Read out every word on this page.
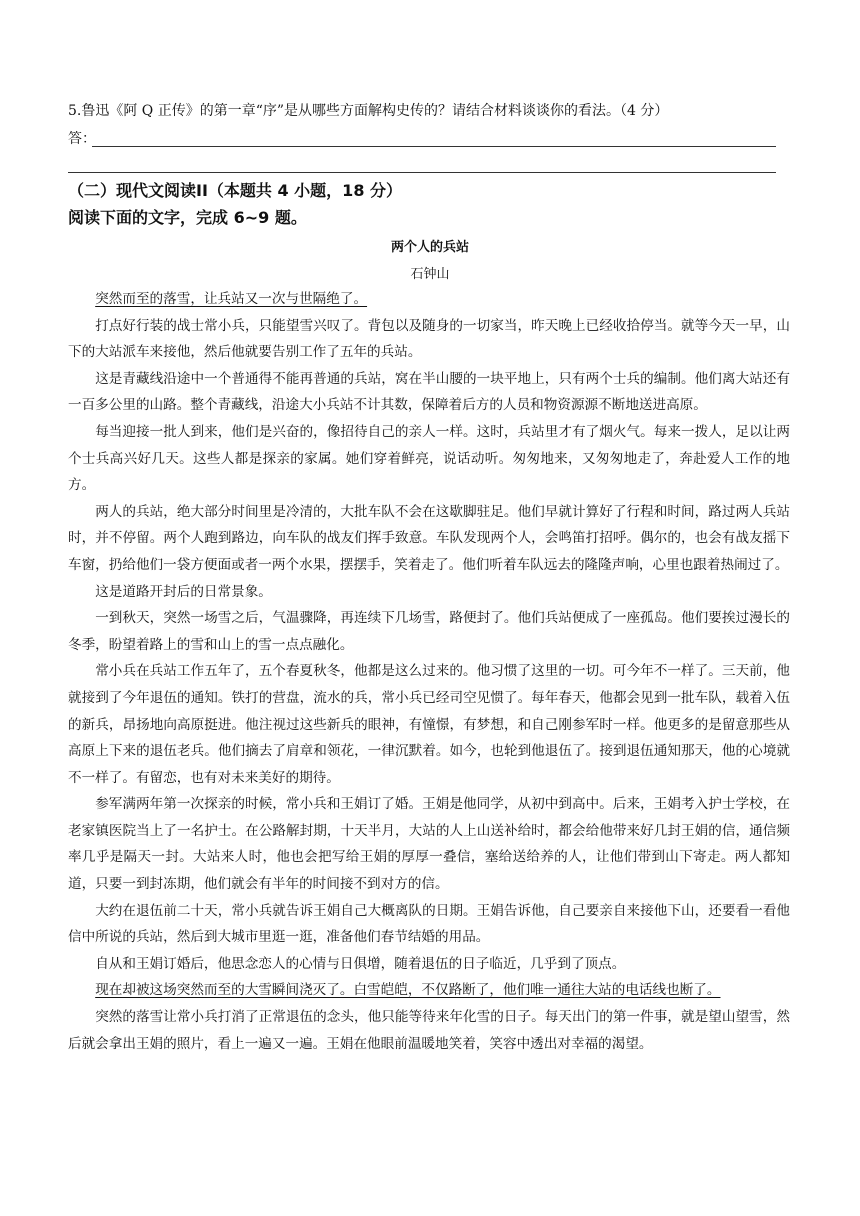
5.鲁迅《阿 Q 正传》的第一章“序”是从哪些方面解构史传的？请结合材料谈谈你的看法。（4 分）
答：
（二）现代文阅读II（本题共 4 小题，18 分）
阅读下面的文字，完成 6~9 题。
两个人的兵站
石钟山

突然而至的落雪，让兵站又一次与世隔绝了。

打点好行装的战士常小兵，只能望雪兴叹了。背包以及随身的一切家当，昨天晚上已经收拾停当。就等今天一早，山下的大站派车来接他，然后他就要告别工作了五年的兵站。

这是青藏线沿途中一个普通得不能再普通的兵站，窝在半山腰的一块平地上，只有两个士兵的编制。他们离大站还有一百多公里的山路。整个青藏线，沿途大小兵站不计其数，保障着后方的人员和物资源源不断地送进高原。

每当迎接一批人到来，他们是兴奋的，像招待自己的亲人一样。这时，兵站里才有了烟火气。每来一拨人，足以让两个士兵高兴好几天。这些人都是探亲的家属。她们穿着鲜亮，说话动听。匆匆地来，又匆匆地走了，奔赴爱人工作的地方。

两人的兵站，绝大部分时间里是冷清的，大批车队不会在这歇脚驻足。他们早就计算好了行程和时间，路过两人兵站时，并不停留。两个人跑到路边，向车队的战友们挥手致意。车队发现两个人，会鸣笛打招呼。偶尔的，也会有战友摇下车窗，扔给他们一袋方便面或者一两个水果，摆摆手，笑着走了。他们听着车队远去的隆隆声响，心里也跟着热闹过了。

这是道路开封后的日常景象。

一到秋天，突然一场雪之后，气温骤降，再连续下几场雪，路便封了。他们兵站便成了一座孤岛。他们要挨过漫长的冬季，盼望着路上的雪和山上的雪一点点融化。

常小兵在兵站工作五年了，五个春夏秋冬，他都是这么过来的。他习惯了这里的一切。可今年不一样了。三天前，他就接到了今年退伍的通知。铁打的营盘，流水的兵，常小兵已经司空见惯了。每年春天，他都会见到一批车队，载着入伍的新兵，昂扬地向高原挺进。他注视过这些新兵的眼神，有憧憬，有梦想，和自己刚参军时一样。他更多的是留意那些从高原上下来的退伍老兵。他们摘去了肩章和领花，一律沉默着。如今，也轮到他退伍了。接到退伍通知那天，他的心境就不一样了。有留恋，也有对未来美好的期待。

参军满两年第一次探亲的时候，常小兵和王娟订了婚。王娟是他同学，从初中到高中。后来，王娟考入护士学校，在老家镇医院当上了一名护士。在公路解封期，十天半月，大站的人上山送补给时，都会给他带来好几封王娟的信，通信频率几乎是隔天一封。大站来人时，他也会把写给王娟的厚厚一叠信，塞给送给养的人，让他们带到山下寄走。两人都知道，只要一到封冻期，他们就会有半年的时间接不到对方的信。

大约在退伍前二十天，常小兵就告诉王娟自己大概离队的日期。王娟告诉他，自己要亲自来接他下山，还要看一看他信中所说的兵站，然后到大城市里逛一逛，准备他们春节结婚的用品。

自从和王娟订婚后，他思念恋人的心情与日俱增，随着退伍的日子临近，几乎到了顶点。

现在却被这场突然而至的大雪瞬间浇灭了。白雪皑皑，不仅路断了，他们唯一通往大站的电话线也断了。

突然的落雪让常小兵打消了正常退伍的念头，他只能等待来年化雪的日子。每天出门的第一件事，就是望山望雪，然后就会拿出王娟的照片，看上一遍又一遍。王娟在他眼前温暖地笑着，笑容中透出对幸福的渴望。
